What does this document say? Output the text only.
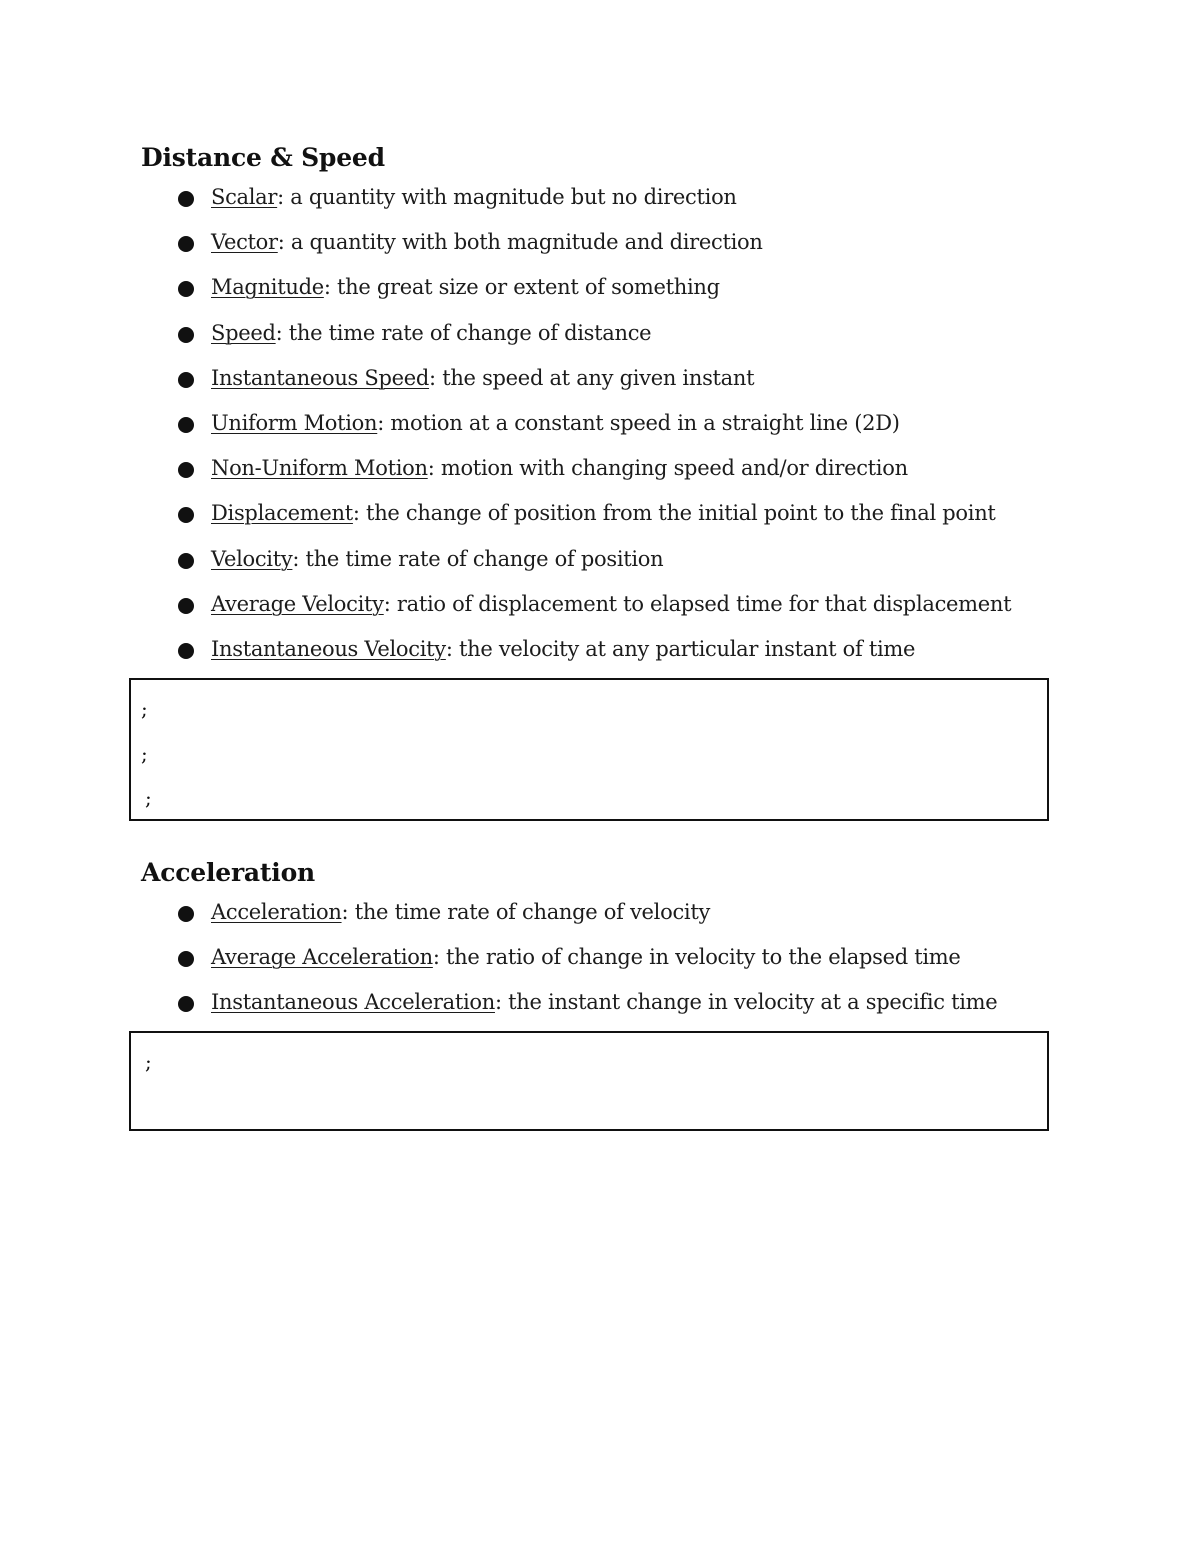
Distance & Speed
Scalar: a quantity with magnitude but no direction
Vector: a quantity with both magnitude and direction
Magnitude: the great size or extent of something
Speed: the time rate of change of distance
Instantaneous Speed: the speed at any given instant
Uniform Motion: motion at a constant speed in a straight line (2D)
Non-Uniform Motion: motion with changing speed and/or direction
Displacement: the change of position from the initial point to the final point
Velocity: the time rate of change of position
Average Velocity: ratio of displacement to elapsed time for that displacement
Instantaneous Velocity: the velocity at any particular instant of time
;
;
;
Acceleration
Acceleration: the time rate of change of velocity
Average Acceleration: the ratio of change in velocity to the elapsed time
Instantaneous Acceleration: the instant change in velocity at a specific time
;
